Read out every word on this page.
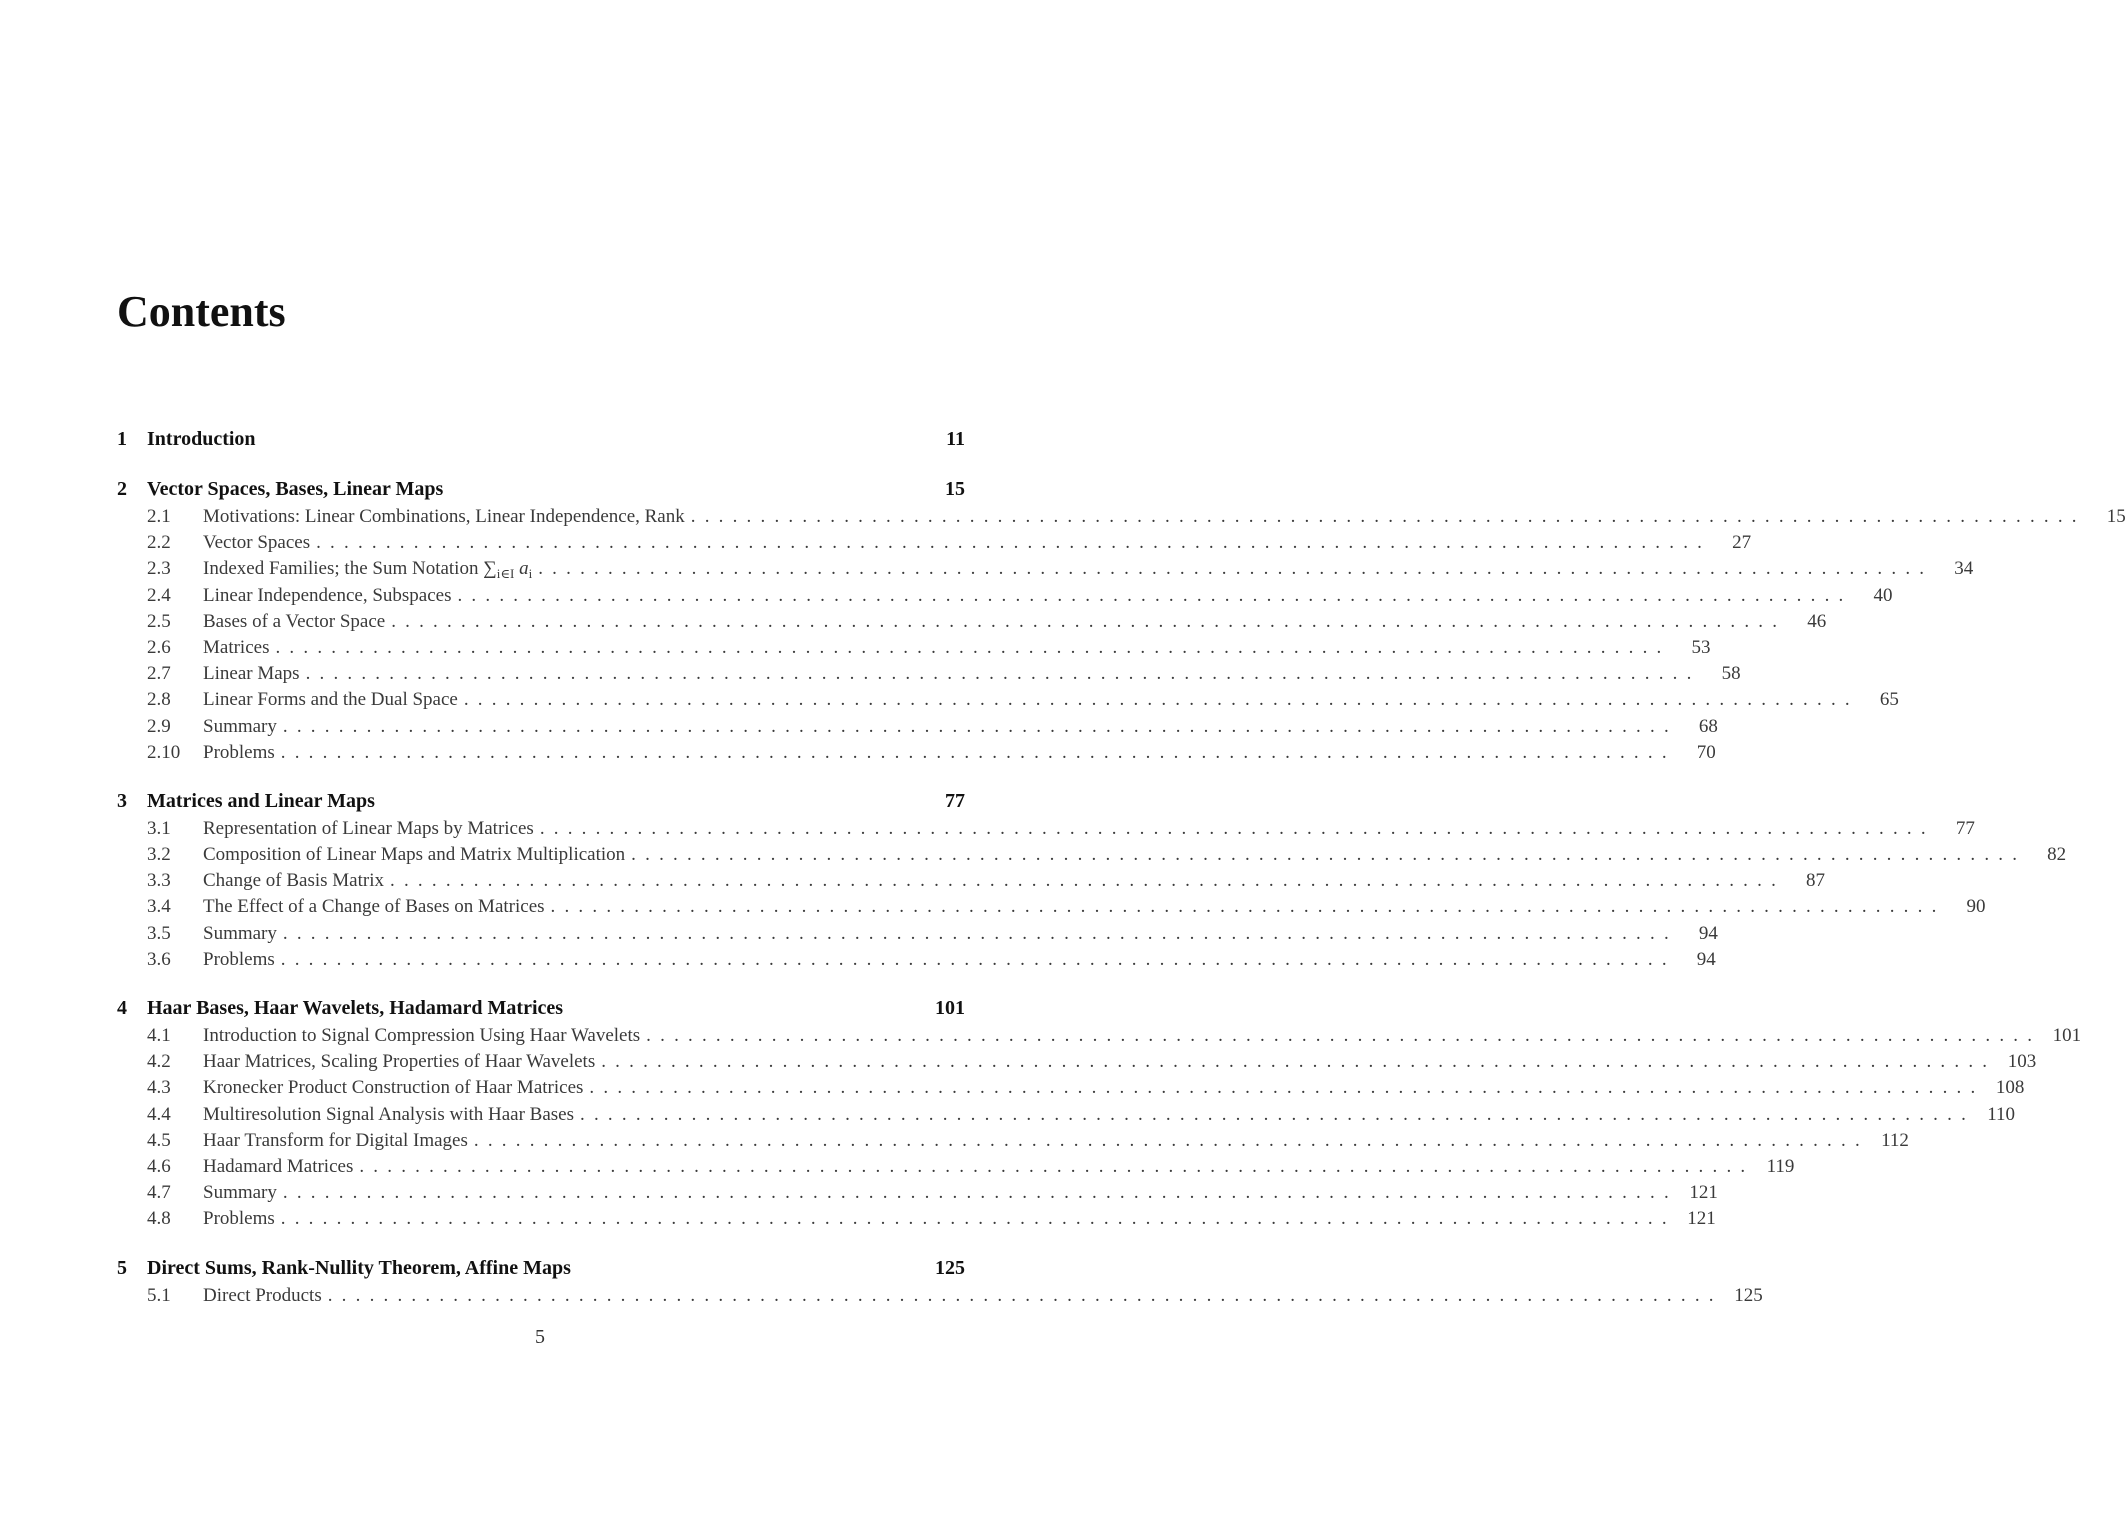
Contents
1	Introduction	11
2	Vector Spaces, Bases, Linear Maps	15
2.1	Motivations: Linear Combinations, Linear Independence, Rank ....................................................................................................	15
2.2	Vector Spaces ....................................................................................................	27
2.3	Indexed Families; the Sum Notation $\sum_{i\in I}$ $a_i$ ....................................................................................................	34
2.4	Linear Independence, Subspaces ....................................................................................................	40
2.5	Bases of a Vector Space ....................................................................................................	46
2.6	Matrices ....................................................................................................	53
2.7	Linear Maps ....................................................................................................	58
2.8	Linear Forms and the Dual Space ....................................................................................................	65
2.9	Summary ....................................................................................................	68
2.10	Problems ....................................................................................................	70
3	Matrices and Linear Maps	77
3.1	Representation of Linear Maps by Matrices ....................................................................................................	77
3.2	Composition of Linear Maps and Matrix Multiplication ....................................................................................................	82
3.3	Change of Basis Matrix ....................................................................................................	87
3.4	The Effect of a Change of Bases on Matrices ....................................................................................................	90
3.5	Summary ....................................................................................................	94
3.6	Problems ....................................................................................................	94
4	Haar Bases, Haar Wavelets, Hadamard Matrices	101
4.1	Introduction to Signal Compression Using Haar Wavelets .................................................................................................... 101
4.2	Haar Matrices, Scaling Properties of Haar Wavelets .................................................................................................... 103
4.3	Kronecker Product Construction of Haar Matrices .................................................................................................... 108
4.4	Multiresolution Signal Analysis with Haar Bases .................................................................................................... 110
4.5	Haar Transform for Digital Images .................................................................................................... 112
4.6	Hadamard Matrices .................................................................................................... 119
4.7	Summary .................................................................................................... 121
4.8	Problems .................................................................................................... 121
5	Direct Sums, Rank-Nullity Theorem, Affine Maps	125
5.1	Direct Products .................................................................................................... 125
5
